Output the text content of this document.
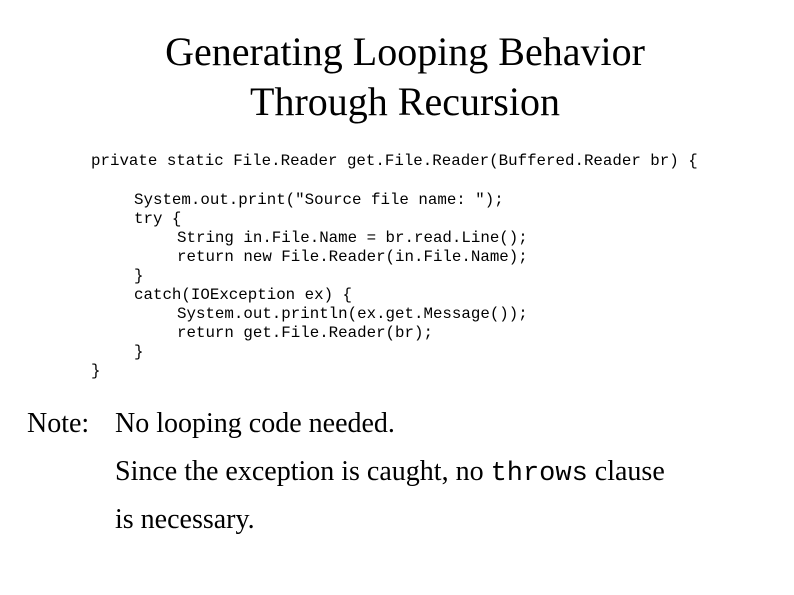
Generating Looping Behavior
Through Recursion
private static File.Reader get.File.Reader(Buffered.Reader br) {
System.out.print("Source file name: ");
try {
String in.File.Name = br.read.Line();
return new File.Reader(in.File.Name);
}
catch(IOException ex) {
System.out.println(ex.get.Message());
return get.File.Reader(br);
}
}
Note: No looping code needed.
Since the exception is caught, no throws clause
is necessary.
